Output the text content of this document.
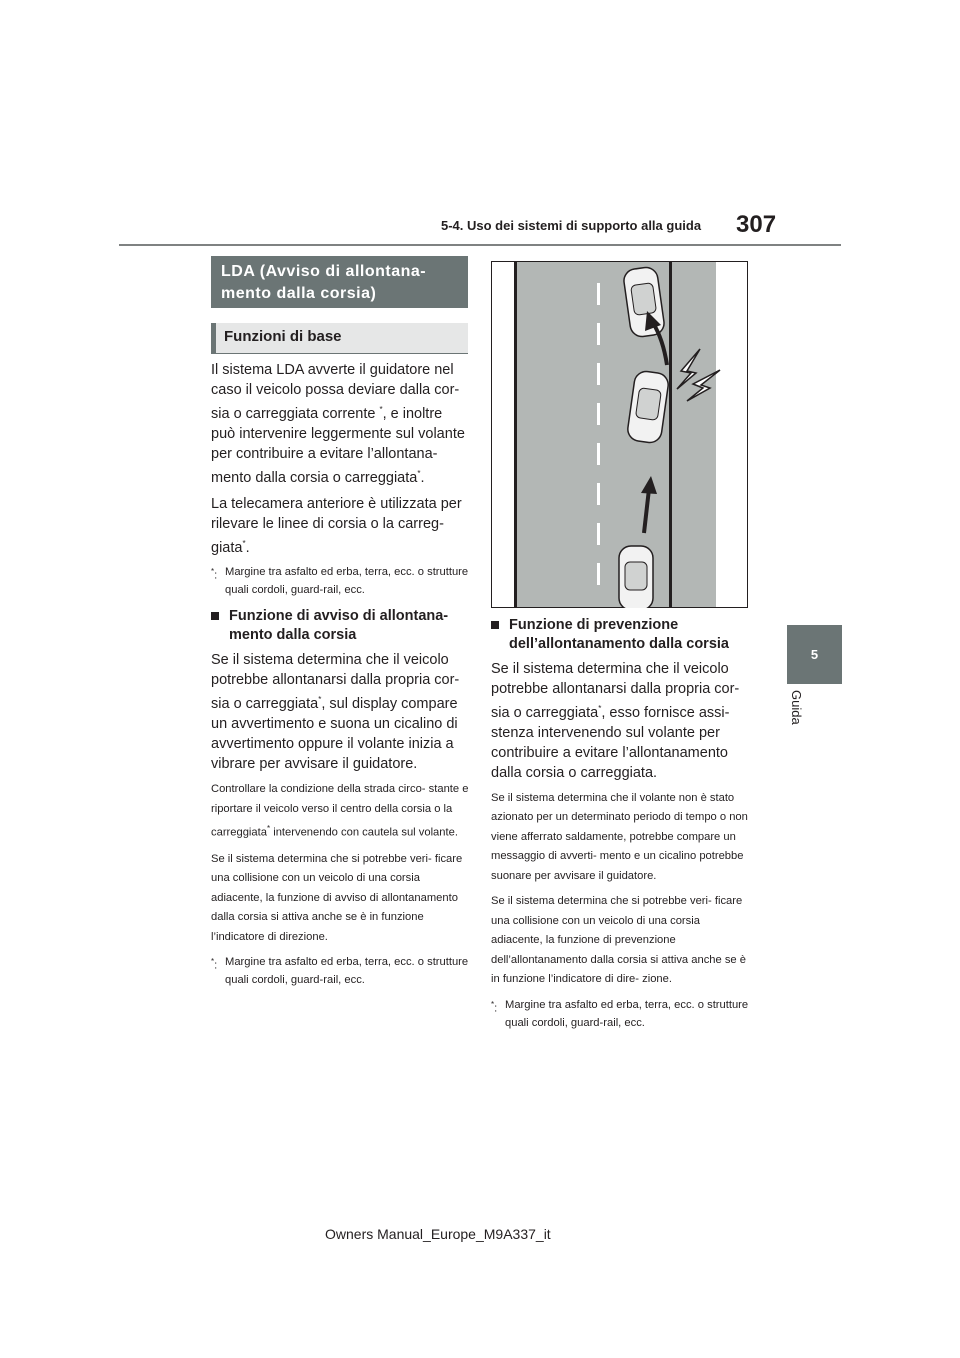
5-4. Uso dei sistemi di supporto alla guida 307
5
Guida
LDA (Avviso di allontana- mento dalla corsia)
Funzioni di base

Il sistema LDA avverte il guidatore nel caso il veicolo possa deviare dalla cor- sia o carreggiata corrente *, e inoltre può intervenire leggermente sul volante per contribuire a evitare l’allontana- mento dalla corsia o carreggiata*.

La telecamera anteriore è utilizzata per rilevare le linee di corsia o la carreg- giata*.

*: Margine tra asfalto ed erba, terra, ecc. o strutture quali cordoli, guard-rail, ecc.
Funzione di avviso di allontana- mento dalla corsia

Se il sistema determina che il veicolo potrebbe allontanarsi dalla propria cor- sia o carreggiata*, sul display compare un avvertimento e suona un cicalino di avvertimento oppure il volante inizia a vibrare per avvisare il guidatore.

Controllare la condizione della strada circo- stante e riportare il veicolo verso il centro della corsia o la carreggiata* intervenendo con cautela sul volante.

Se il sistema determina che si potrebbe veri- ficare una collisione con un veicolo di una corsia adiacente, la funzione di avviso di allontanamento dalla corsia si attiva anche se è in funzione l’indicatore di direzione.

*: Margine tra asfalto ed erba, terra, ecc. o strutture quali cordoli, guard-rail, ecc.
Funzione di prevenzione dell’allontanamento dalla corsia

Se il sistema determina che il veicolo potrebbe allontanarsi dalla propria cor- sia o carreggiata*, esso fornisce assi- stenza intervenendo sul volante per contribuire a evitare l’allontanamento dalla corsia o carreggiata.

Se il sistema determina che il volante non è stato azionato per un determinato periodo di tempo o non viene afferrato saldamente, potrebbe compare un messaggio di avverti- mento e un cicalino potrebbe suonare per avvisare il guidatore.

Se il sistema determina che si potrebbe veri- ficare una collisione con un veicolo di una corsia adiacente, la funzione di prevenzione dell’allontanamento dalla corsia si attiva anche se è in funzione l’indicatore di dire- zione.

*: Margine tra asfalto ed erba, terra, ecc. o strutture quali cordoli, guard-rail, ecc.
Owners Manual_Europe_M9A337_it
